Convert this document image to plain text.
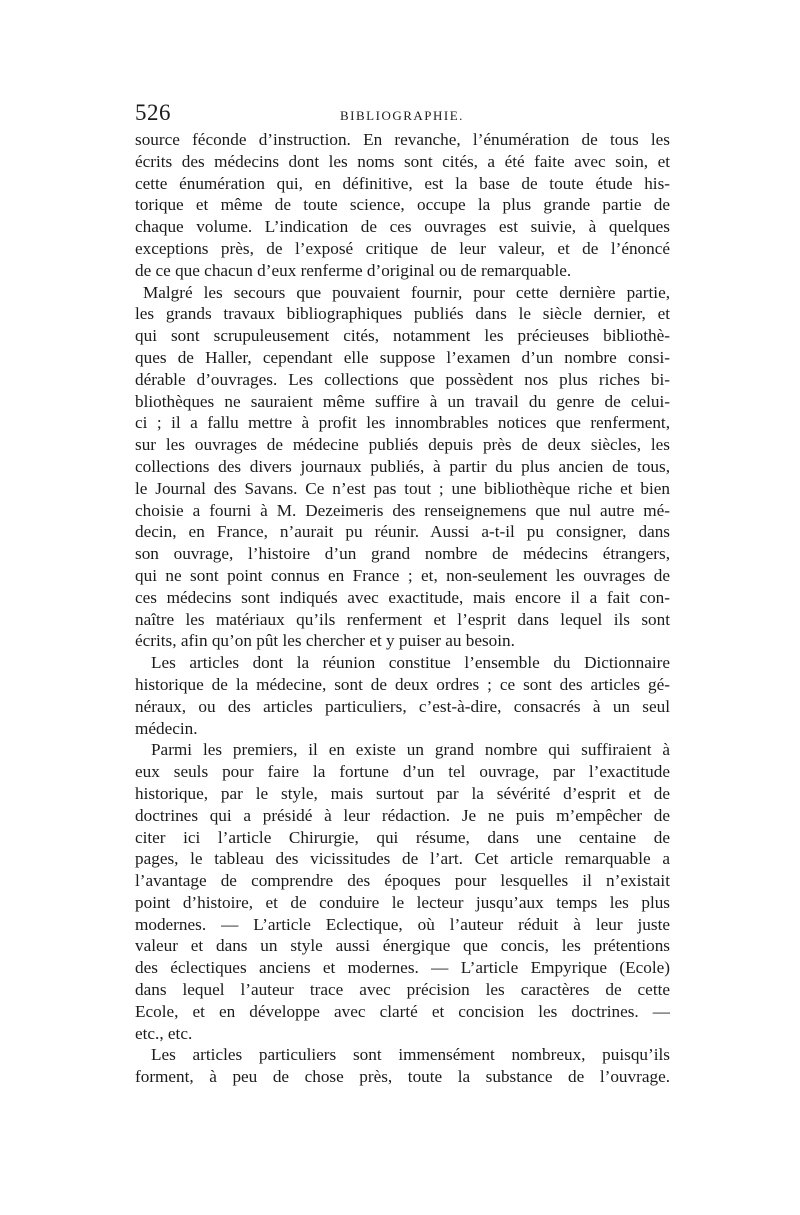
526	BIBLIOGRAPHIE.
source féconde d’instruction. En revanche, l’énumération de tous les
écrits des médecins dont les noms sont cités, a été faite avec soin, et
cette énumération qui, en définitive, est la base de toute étude his-
torique et même de toute science, occupe la plus grande partie de
chaque volume. L’indication de ces ouvrages est suivie, à quelques
exceptions près, de l’exposé critique de leur valeur, et de l’énoncé
de ce que chacun d’eux renferme d’original ou de remarquable.
Malgré les secours que pouvaient fournir, pour cette dernière partie,
les grands travaux bibliographiques publiés dans le siècle dernier, et
qui sont scrupuleusement cités, notamment les précieuses bibliothè-
ques de Haller, cependant elle suppose l’examen d’un nombre consi-
dérable d’ouvrages. Les collections que possèdent nos plus riches bi-
bliothèques ne sauraient même suffire à un travail du genre de celui-
ci ; il a fallu mettre à profit les innombrables notices que renferment,
sur les ouvrages de médecine publiés depuis près de deux siècles, les
collections des divers journaux publiés, à partir du plus ancien de tous,
le Journal des Savans. Ce n’est pas tout ; une bibliothèque riche et bien
choisie a fourni à M. Dezeimeris des renseignemens que nul autre mé-
decin, en France, n’aurait pu réunir. Aussi a-t-il pu consigner, dans
son ouvrage, l’histoire d’un grand nombre de médecins étrangers,
qui ne sont point connus en France ; et, non-seulement les ouvrages de
ces médecins sont indiqués avec exactitude, mais encore il a fait con-
naître les matériaux qu’ils renferment et l’esprit dans lequel ils sont
écrits, afin qu’on pût les chercher et y puiser au besoin.
Les articles dont la réunion constitue l’ensemble du Dictionnaire
historique de la médecine, sont de deux ordres ; ce sont des articles gé-
néraux, ou des articles particuliers, c’est-à-dire, consacrés à un seul
médecin.
Parmi les premiers, il en existe un grand nombre qui suffiraient à
eux seuls pour faire la fortune d’un tel ouvrage, par l’exactitude
historique, par le style, mais surtout par la sévérité d’esprit et de
doctrines qui a présidé à leur rédaction. Je ne puis m’empêcher de
citer ici l’article Chirurgie, qui résume, dans une centaine de
pages, le tableau des vicissitudes de l’art. Cet article remarquable a
l’avantage de comprendre des époques pour lesquelles il n’existait
point d’histoire, et de conduire le lecteur jusqu’aux temps les plus
modernes. — L’article Eclectique, où l’auteur réduit à leur juste
valeur et dans un style aussi énergique que concis, les prétentions
des éclectiques anciens et modernes. — L’article Empyrique (Ecole)
dans lequel l’auteur trace avec précision les caractères de cette
Ecole, et en développe avec clarté et concision les doctrines. —
etc., etc.
Les articles particuliers sont immensément nombreux, puisqu’ils
forment, à peu de chose près, toute la substance de l’ouvrage.
